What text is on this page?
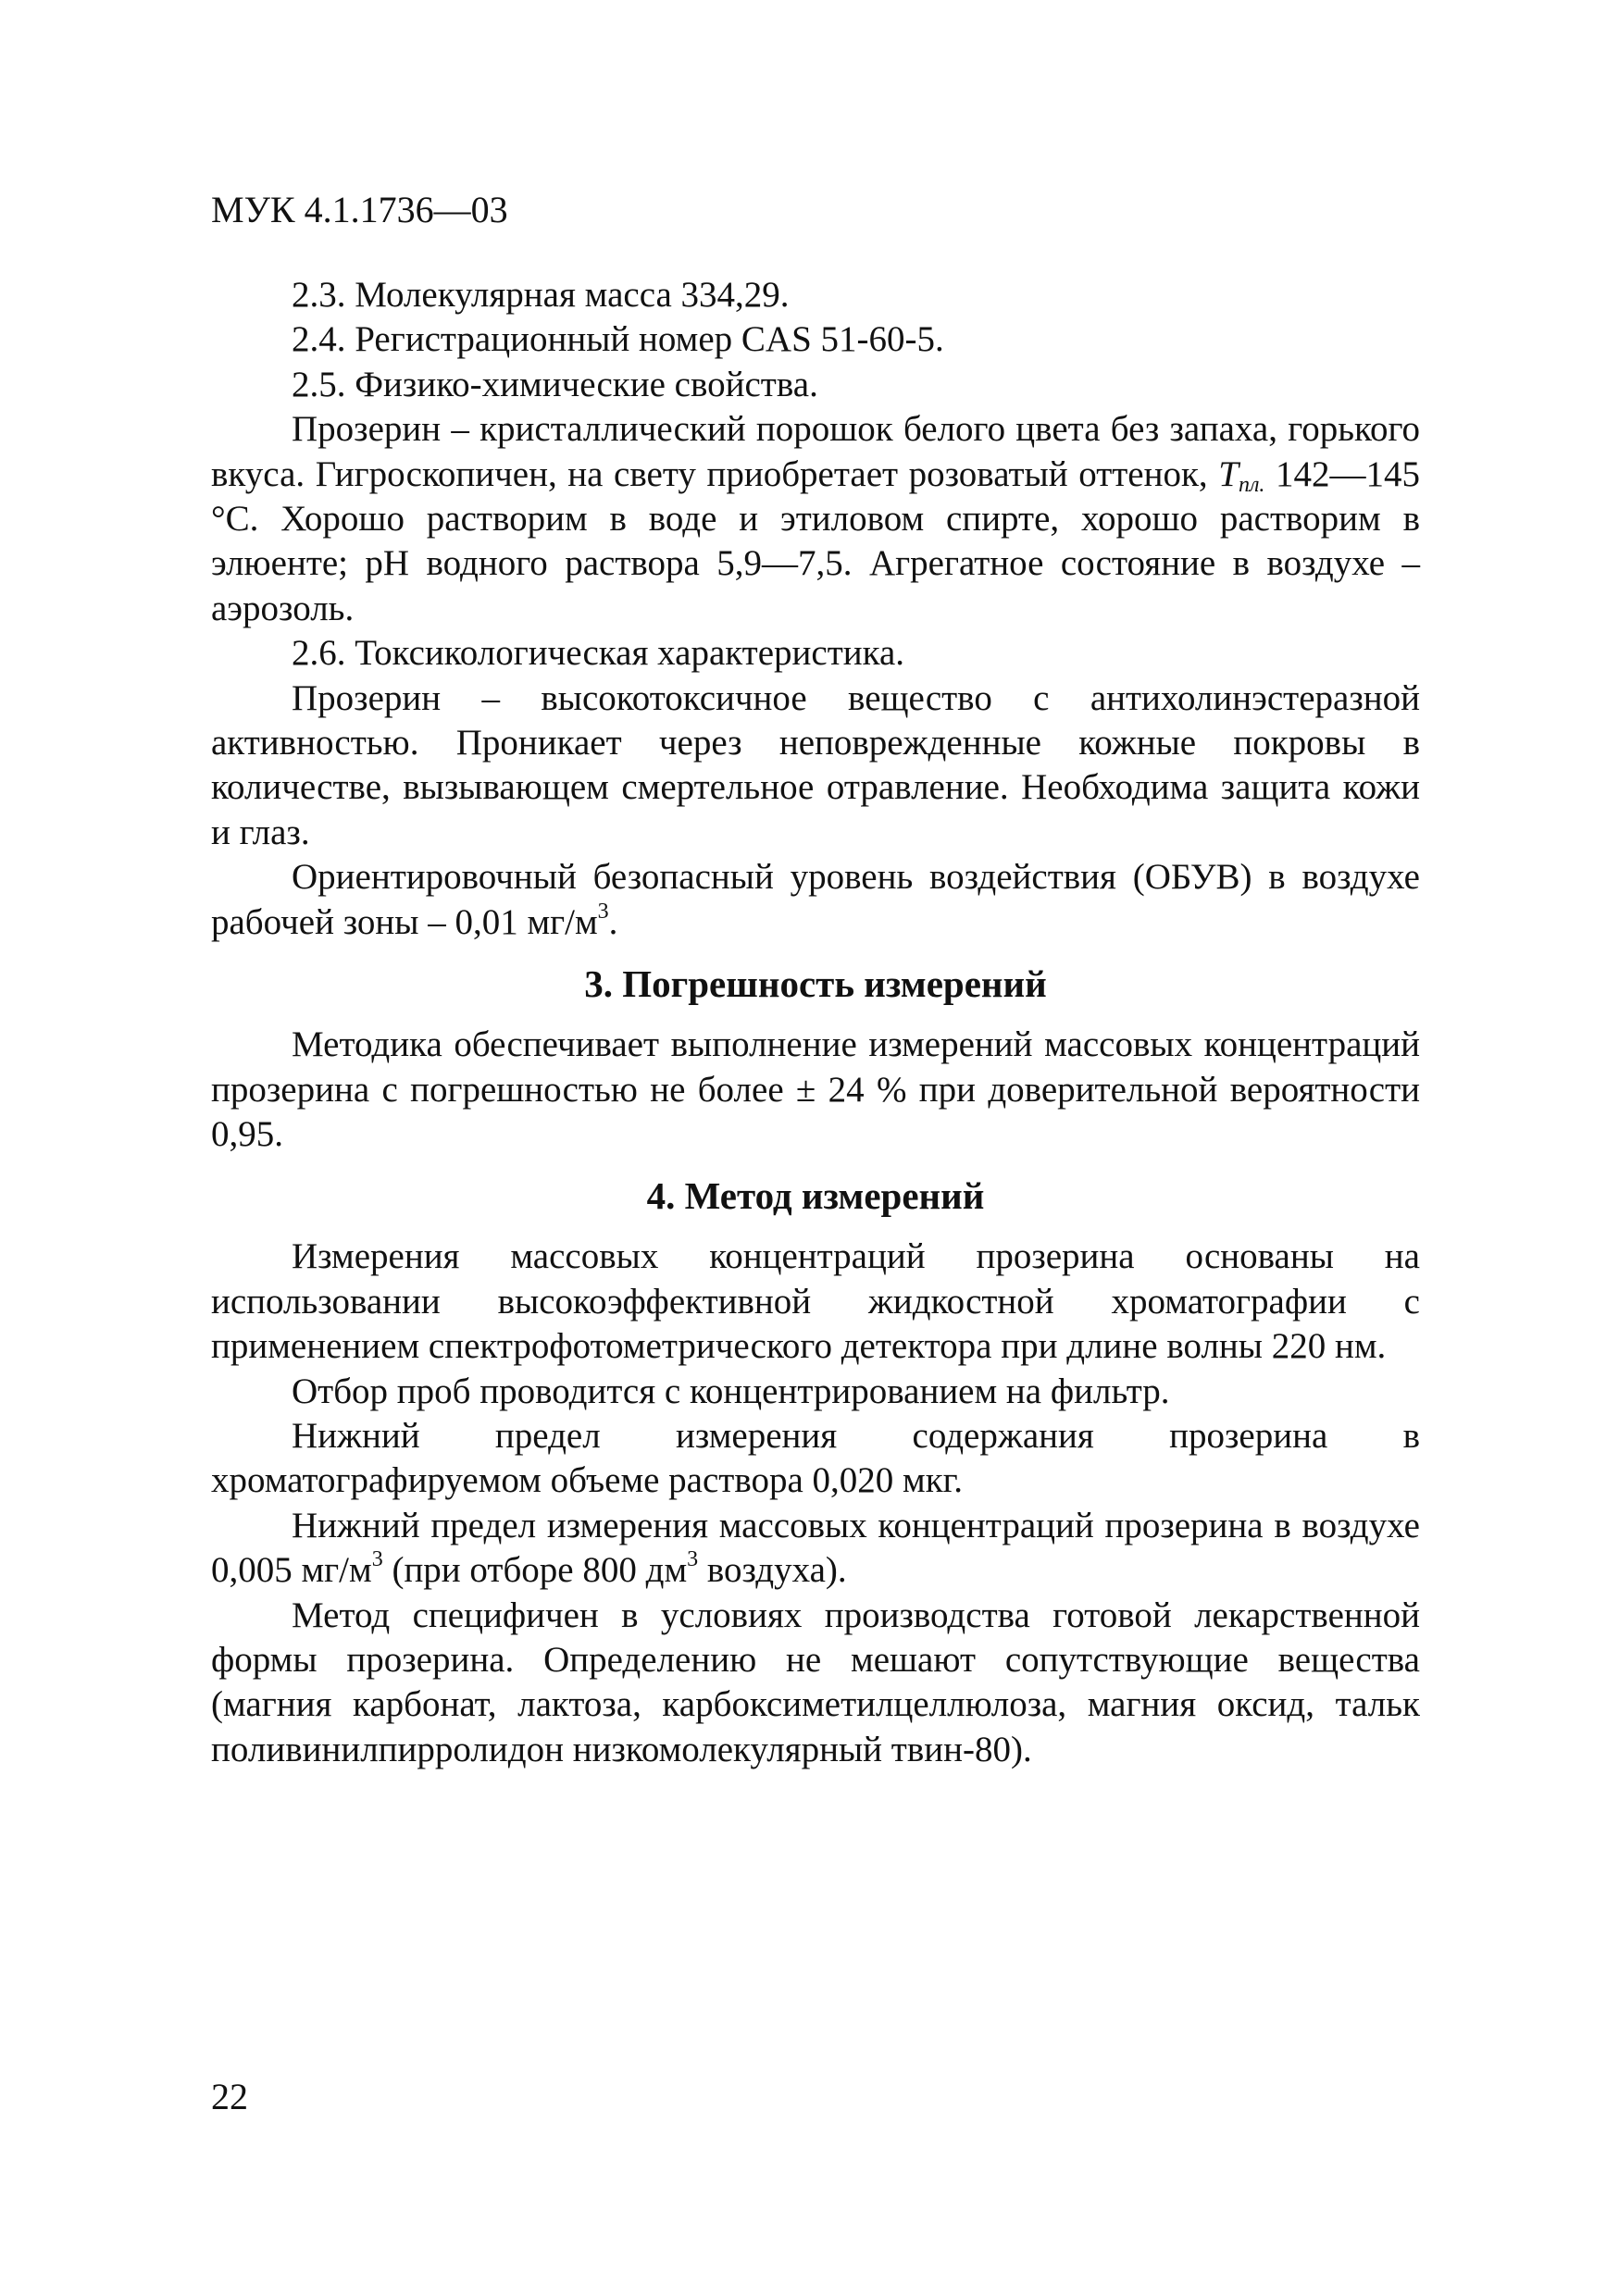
МУК 4.1.1736—03

2.3. Молекулярная масса 334,29.

2.4. Регистрационный номер CAS 51-60-5.

2.5. Физико-химические свойства.

Прозерин – кристаллический порошок белого цвета без запаха, горького вкуса. Гигроскопичен, на свету приобретает розоватый оттенок, $T_{пл.}$ 142—145 °С. Хорошо растворим в воде и этиловом спирте, хорошо растворим в элюенте; pH водного раствора 5,9—7,5. Агрегатное состояние в воздухе – аэрозоль.

2.6. Токсикологическая характеристика.

Прозерин – высокотоксичное вещество с антихолинэстеразной активностью. Проникает через неповрежденные кожные покровы в количестве, вызывающем смертельное отравление. Необходима защита кожи и глаз.

Ориентировочный безопасный уровень воздействия (ОБУВ) в воздухе рабочей зоны – 0,01 $мг/м^3$.

3. Погрешность измерений

Методика обеспечивает выполнение измерений массовых концентраций прозерина с погрешностью не более ± 24 % при доверительной вероятности 0,95.

4. Метод измерений

Измерения массовых концентраций прозерина основаны на использовании высокоэффективной жидкостной хроматографии с применением спектрофотометрического детектора при длине волны 220 нм.

Отбор проб проводится с концентрированием на фильтр.

Нижний предел измерения содержания прозерина в хроматографируемом объеме раствора 0,020 мкг.

Нижний предел измерения массовых концентраций прозерина в воздухе 0,005 $мг/м^3$ (при отборе 800 $дм^3$ воздуха).

Метод специфичен в условиях производства готовой лекарственной формы прозерина. Определению не мешают сопутствующие вещества (магния карбонат, лактоза, карбоксиметилцеллюлоза, магния оксид, тальк поливинилпирролидон низкомолекулярный твин-80).

22
